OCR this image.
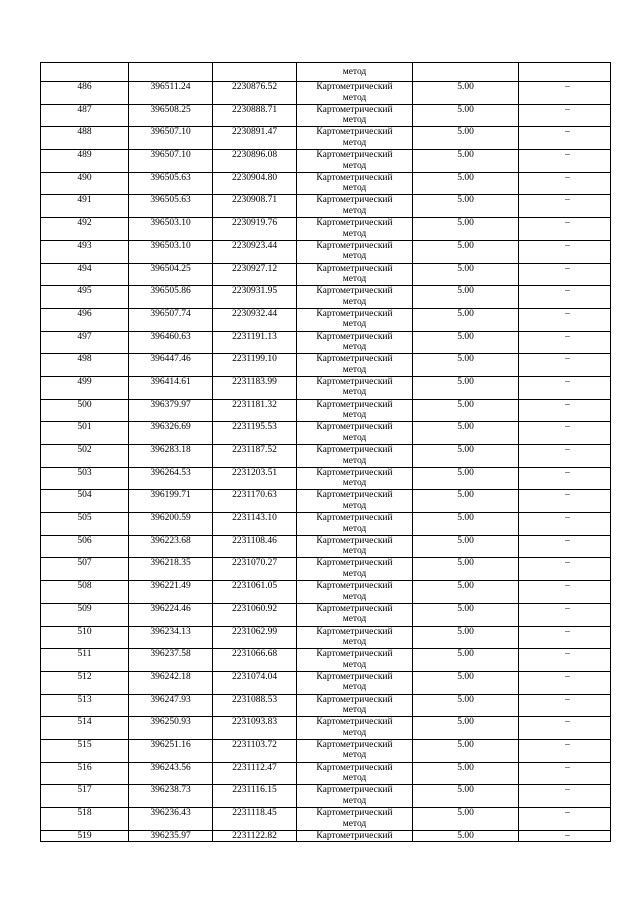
			метод		

486	396511.24	2230876.52	Картометрический
метод	5.00	–
487	396508.25	2230888.71	Картометрический
метод	5.00	–
488	396507.10	2230891.47	Картометрический
метод	5.00	–
489	396507.10	2230896.08	Картометрический
метод	5.00	–
490	396505.63	2230904.80	Картометрический
метод	5.00	–
491	396505.63	2230908.71	Картометрический
метод	5.00	–
492	396503.10	2230919.76	Картометрический
метод	5.00	–
493	396503.10	2230923.44	Картометрический
метод	5.00	–
494	396504.25	2230927.12	Картометрический
метод	5.00	–
495	396505.86	2230931.95	Картометрический
метод	5.00	–
496	396507.74	2230932.44	Картометрический
метод	5.00	–
497	396460.63	2231191.13	Картометрический
метод	5.00	–
498	396447.46	2231199.10	Картометрический
метод	5.00	–
499	396414.61	2231183.99	Картометрический
метод	5.00	–
500	396379.97	2231181.32	Картометрический
метод	5.00	–
501	396326.69	2231195.53	Картометрический
метод	5.00	–
502	396283.18	2231187.52	Картометрический
метод	5.00	–
503	396264.53	2231203.51	Картометрический
метод	5.00	–
504	396199.71	2231170.63	Картометрический
метод	5.00	–
505	396200.59	2231143.10	Картометрический
метод	5.00	–
506	396223.68	2231108.46	Картометрический
метод	5.00	–
507	396218.35	2231070.27	Картометрический
метод	5.00	–
508	396221.49	2231061.05	Картометрический
метод	5.00	–
509	396224.46	2231060.92	Картометрический
метод	5.00	–
510	396234.13	2231062.99	Картометрический
метод	5.00	–
511	396237.58	2231066.68	Картометрический
метод	5.00	–
512	396242.18	2231074.04	Картометрический
метод	5.00	–
513	396247.93	2231088.53	Картометрический
метод	5.00	–
514	396250.93	2231093.83	Картометрический
метод	5.00	–
515	396251.16	2231103.72	Картометрический
метод	5.00	–
516	396243.56	2231112.47	Картометрический
метод	5.00	–
517	396238.73	2231116.15	Картометрический
метод	5.00	–
518	396236.43	2231118.45	Картометрический
метод	5.00	–
519	396235.97	2231122.82	Картометрический	5.00	–
